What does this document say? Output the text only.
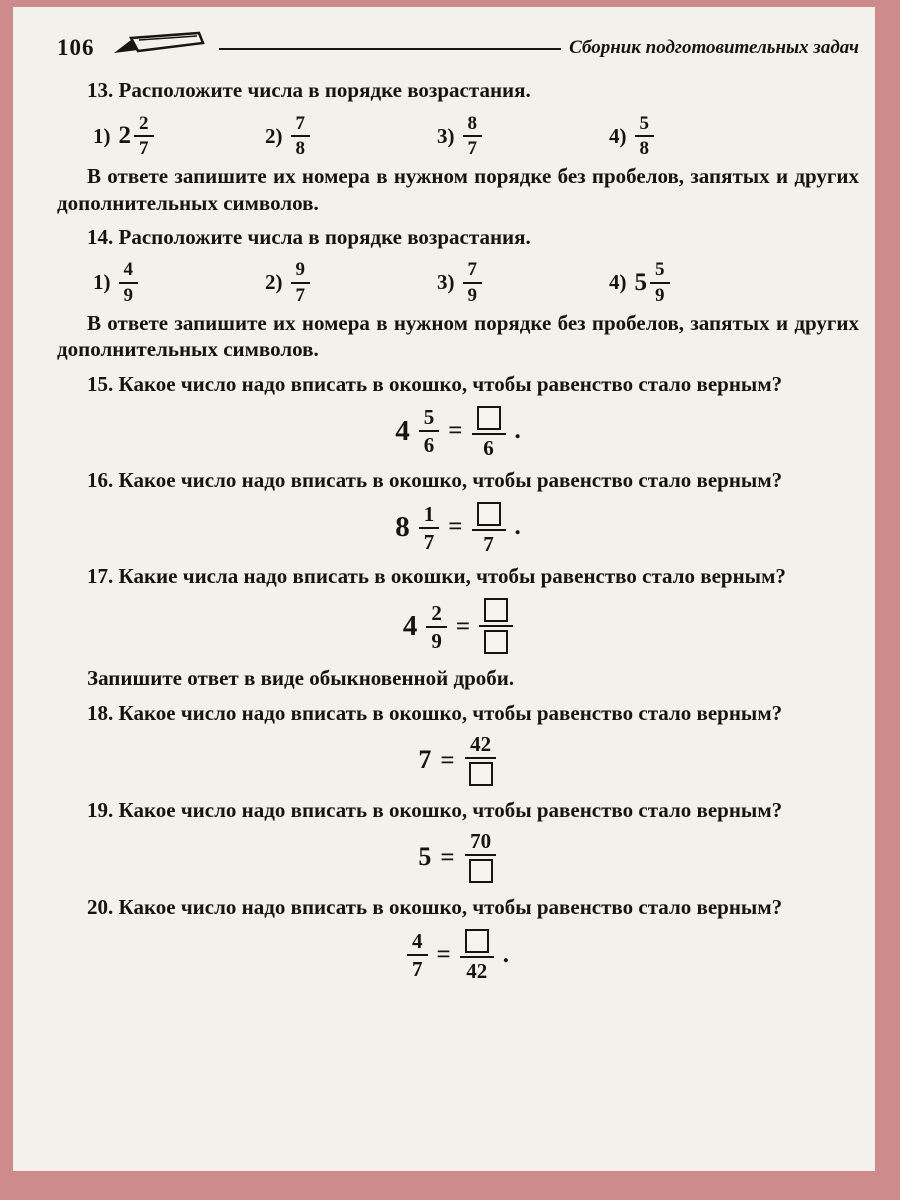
106	Сборник подготовительных задач
13. Расположите числа в порядке возрастания.
1) $2 \frac{2}{7}$	$2) \frac{7}{8}$	$3) \frac{8}{7}$	$4) \frac{5}{8}$
В ответе запишите их номера в нужном порядке без пробелов, запятых и других дополнительных символов.
14. Расположите числа в порядке возрастания.
$1) \frac{4}{9}$	$2) \frac{9}{7}$	$3) \frac{7}{9}$	4) $5 \frac{5}{9}$
В ответе запишите их номера в нужном порядке без пробелов, запятых и других дополнительных символов.
15. Какое число надо вписать в окошко, чтобы равенство стало верным?
$4 \frac{5}{6}$ =
6
.
16. Какое число надо вписать в окошко, чтобы равенство стало верным?
$8 \frac{1}{7}$ =
7
.
17. Какие числа надо вписать в окошки, чтобы равенство стало верным?
$4 \frac{2}{9}$ =
Запишите ответ в виде обыкновенной дроби.
18. Какое число надо вписать в окошко, чтобы равенство стало верным?
7 =
42
19. Какое число надо вписать в окошко, чтобы равенство стало верным?
5 =
70
20. Какое число надо вписать в окошко, чтобы равенство стало верным?
$\frac{4}{7}$ =
42
.
